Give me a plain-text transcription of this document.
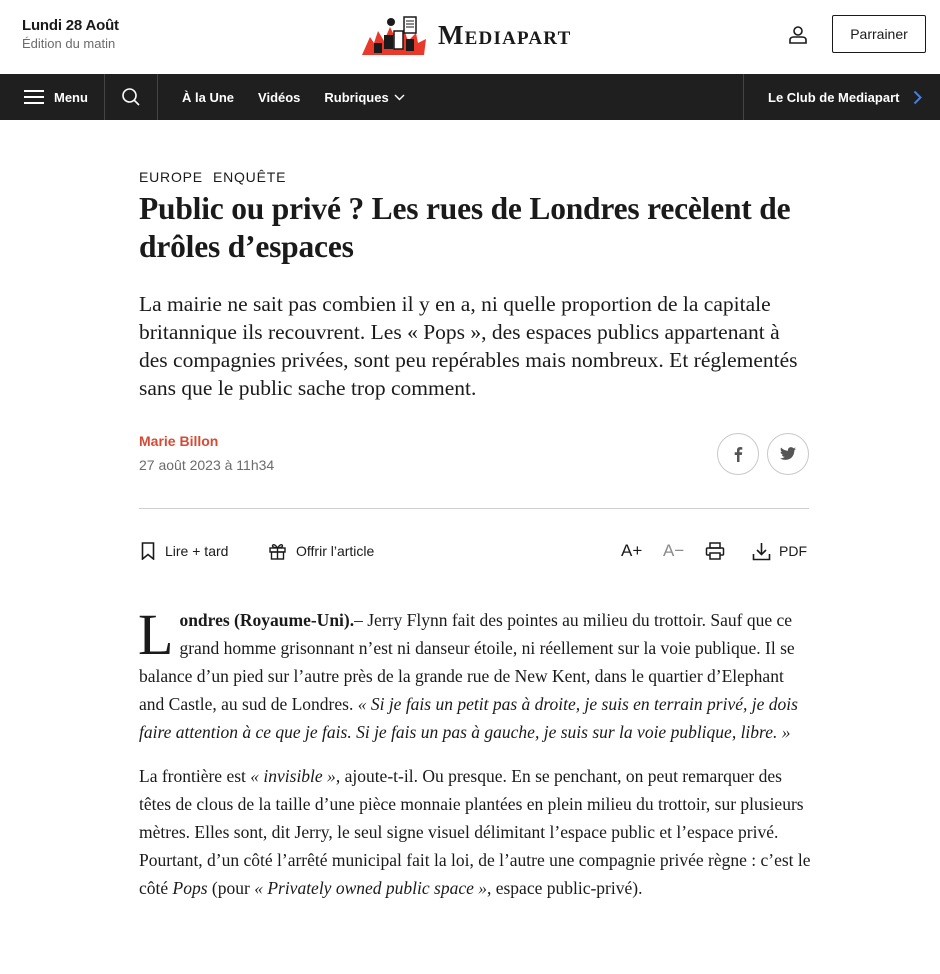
Lundi 28 Août
Édition du matin	Mediapart	Parrainer
Menu	À la Une Vidéos Rubriques	Le Club de Mediapart
EUROPE ENQUÊTE
Public ou privé ? Les rues de Londres recèlent de drôles d’espaces

La mairie ne sait pas combien il y en a, ni quelle proportion de la capitale britannique ils recouvrent. Les « Pops », des espaces publics appartenant à des compagnies privées, sont peu repérables mais nombreux. Et réglementés sans que le public sache trop comment.

Marie Billon
27 août 2023 à 11h34
Lire + tard	Offrir l’article	A+ A−	PDF

Londres (Royaume-Uni).– Jerry Flynn fait des pointes au milieu du trottoir. Sauf que ce grand homme grisonnant n’est ni danseur étoile, ni réellement sur la voie publique. Il se balance d’un pied sur l’autre près de la grande rue de New Kent, dans le quartier d’Elephant and Castle, au sud de Londres. « Si je fais un petit pas à droite, je suis en terrain privé, je dois faire attention à ce que je fais. Si je fais un pas à gauche, je suis sur la voie publique, libre. »

La frontière est « invisible », ajoute-t-il. Ou presque. En se penchant, on peut remarquer des têtes de clous de la taille d’une pièce monnaie plantées en plein milieu du trottoir, sur plusieurs mètres. Elles sont, dit Jerry, le seul signe visuel délimitant l’espace public et l’espace privé. Pourtant, d’un côté l’arrêté municipal fait la loi, de l’autre une compagnie privée règne : c’est le côté Pops (pour « Privately owned public space », espace public-privé).
